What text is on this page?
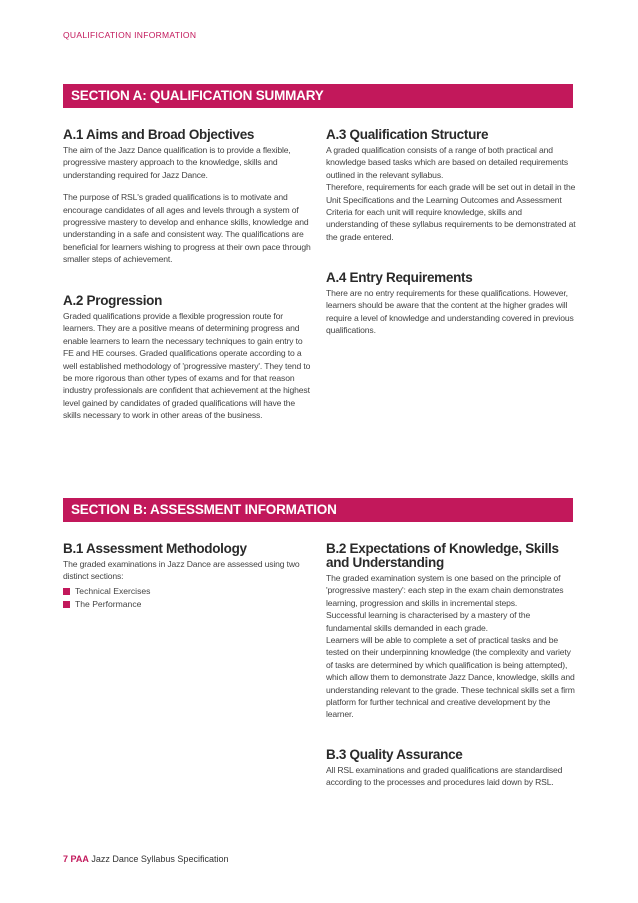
QUALIFICATION INFORMATION
SECTION A: QUALIFICATION SUMMARY
A.1 Aims and Broad Objectives

The aim of the Jazz Dance qualification is to provide a flexible, progressive mastery approach to the knowledge, skills and understanding required for Jazz Dance.

The purpose of RSL's graded qualifications is to motivate and encourage candidates of all ages and levels through a system of progressive mastery to develop and enhance skills, knowledge and understanding in a safe and consistent way. The qualifications are beneficial for learners wishing to progress at their own pace through smaller steps of achievement.

A.2 Progression

Graded qualifications provide a flexible progression route for learners. They are a positive means of determining progress and enable learners to learn the necessary techniques to gain entry to FE and HE courses. Graded qualifications operate according to a well established methodology of 'progressive mastery'. They tend to be more rigorous than other types of exams and for that reason industry professionals are confident that achievement at the highest level gained by candidates of graded qualifications will have the skills necessary to work in other areas of the business.

A.3 Qualification Structure

A graded qualification consists of a range of both practical and knowledge based tasks which are based on detailed requirements outlined in the relevant syllabus.

Therefore, requirements for each grade will be set out in detail in the Unit Specifications and the Learning Outcomes and Assessment Criteria for each unit will require knowledge, skills and understanding of these syllabus requirements to be demonstrated at the grade entered.

A.4 Entry Requirements

There are no entry requirements for these qualifications. However, learners should be aware that the content at the higher grades will require a level of knowledge and understanding covered in previous qualifications.

SECTION B: ASSESSMENT INFORMATION
B.1 Assessment Methodology

The graded examinations in Jazz Dance are assessed using two distinct sections:

Technical Exercises
The Performance
B.2 Expectations of Knowledge, Skills and Understanding

The graded examination system is one based on the principle of 'progressive mastery': each step in the exam chain demonstrates learning, progression and skills in incremental steps.

Successful learning is characterised by a mastery of the fundamental skills demanded in each grade.

Learners will be able to complete a set of practical tasks and be tested on their underpinning knowledge (the complexity and variety of tasks are determined by which qualification is being attempted), which allow them to demonstrate Jazz Dance, knowledge, skills and understanding relevant to the grade. These technical skills set a firm platform for further technical and creative development by the learner.

B.3 Quality Assurance

All RSL examinations and graded qualifications are standardised according to the processes and procedures laid down by RSL.

7 PAA Jazz Dance Syllabus Specification
